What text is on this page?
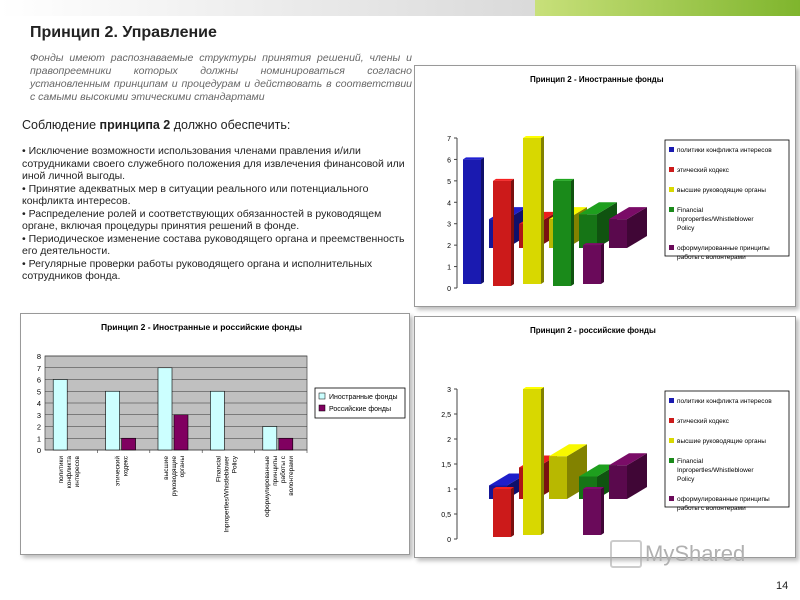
Принцип 2. Управление
Фонды имеют распознаваемые структуры принятия решений, члены и правопреемники которых должны номинироваться согласно установленным принципам и процедурам и действовать в соответствии с самыми высокими этическими стандартами
Соблюдение принципа 2 должно обеспечить:
• Исключение возможности использования членами правления и/или сотрудниками своего служебного положения для извлечения финансовой или иной личной выгоды.
• Принятие адекватных мер в ситуации реального или потенциального конфликта интересов.
• Распределение ролей и соответствующих обязанностей в руководящем органе, включая процедуры принятия решений в фонде.
• Периодическое изменение состава руководящего органа и преемственность его деятельности.
• Регулярные проверки работы руководящего органа и исполнительных сотрудников фонда.
Принцип 2 - Иностранные фонды
0
1
2
3
4
5
6
7
политики конфликта интересов
этический кодекс
высшие руководящие органы
Financial Inpropertles/Whistleblower Policy
оформулированные принципы работы с волонтерами
Принцип 2 - Иностранные и российские фонды
0
1
2
3
4
5
6
7
8
политикиконфликтаинтересов	этическийкодекс	высшиеруководящиеорганы	FinancialInpropertles/WhistleblowerPolicy	оформулированныепринципыработы сволонтерами
Иностранные фонды
Российские фонды
Принцип 2 - российские фонды
0
0,5
1
1,5
2
2,5
3
политики конфликта интересов
этический кодекс
высшие руководящие органы
Financial Inpropertles/Whistleblower Policy
оформулированные принципы работы с волонтерами
MyShared
14
